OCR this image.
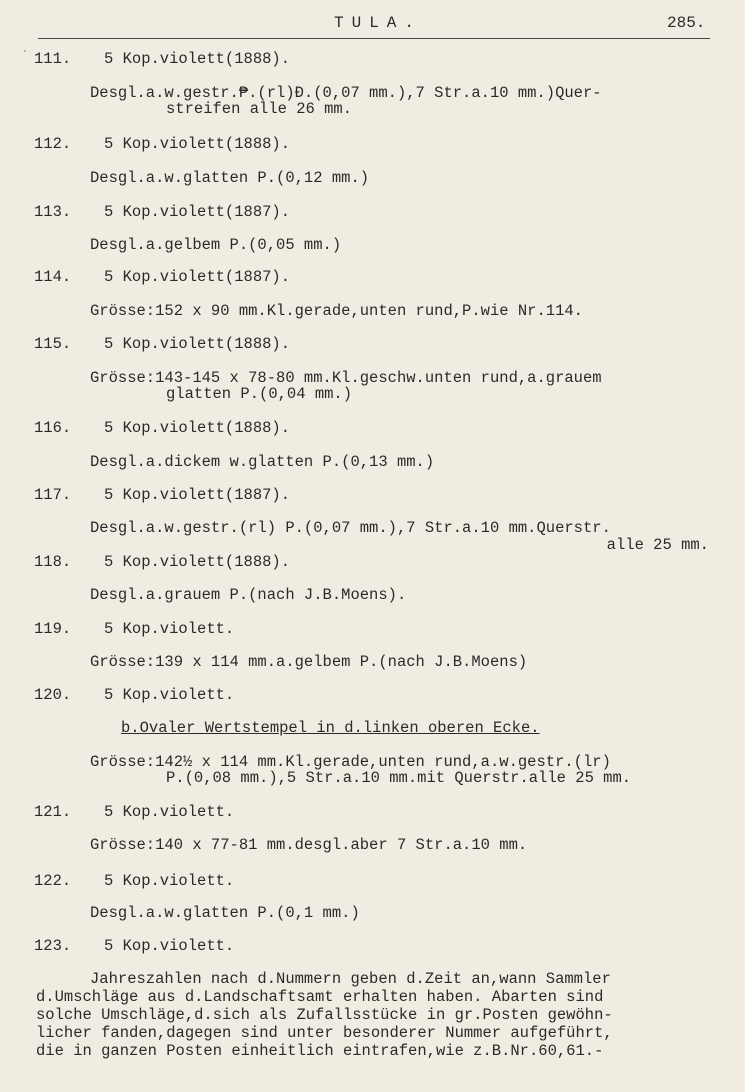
TULA.	285.
ʻ 111. 5 Kop.violett(1888).
Desgl.a.w.gestr.₱.(rl)Ɖ.(0,07 mm.),7 Str.a.10 mm.)Quer-
streifen alle 26 mm.
112. 5 Kop.violett(1888).
Desgl.a.w.glatten P.(0,12 mm.)
113. 5 Kop.violett(1887).
Desgl.a.gelbem P.(0,05 mm.)
114. 5 Kop.violett(1887).
Grösse:152 x 90 mm.Kl.gerade,unten rund,P.wie Nr.114.
115. 5 Kop.violett(1888).
Grösse:143-145 x 78-80 mm.Kl.geschw.unten rund,a.grauem
glatten P.(0,04 mm.)
116. 5 Kop.violett(1888).
Desgl.a.dickem w.glatten P.(0,13 mm.)
117. 5 Kop.violett(1887).
Desgl.a.w.gestr.(rl) P.(0,07 mm.),7 Str.a.10 mm.Querstr.
alle 25 mm.
118. 5 Kop.violett(1888).
Desgl.a.grauem P.(nach J.B.Moens).
119. 5 Kop.violett.
Grösse:139 x 114 mm.a.gelbem P.(nach J.B.Moens)
120. 5 Kop.violett.
b.Ovaler Wertstempel in d.linken oberen Ecke.
Grösse:142½ x 114 mm.Kl.gerade,unten rund,a.w.gestr.(lr)
P.(0,08 mm.),5 Str.a.10 mm.mit Querstr.alle 25 mm.
121. 5 Kop.violett.
Grösse:140 x 77-81 mm.desgl.aber 7 Str.a.10 mm.
122. 5 Kop.violett.
Desgl.a.w.glatten P.(0,1 mm.)
123. 5 Kop.violett.
Jahreszahlen nach d.Nummern geben d.Zeit an,wann Sammler
d.Umschläge aus d.Landschaftsamt erhalten haben. Abarten sind
solche Umschläge,d.sich als Zufallsstücke in gr.Posten gewöhn-
licher fanden,dagegen sind unter besonderer Nummer aufgeführt,
die in ganzen Posten einheitlich eintrafen,wie z.B.Nr.60,61.-
